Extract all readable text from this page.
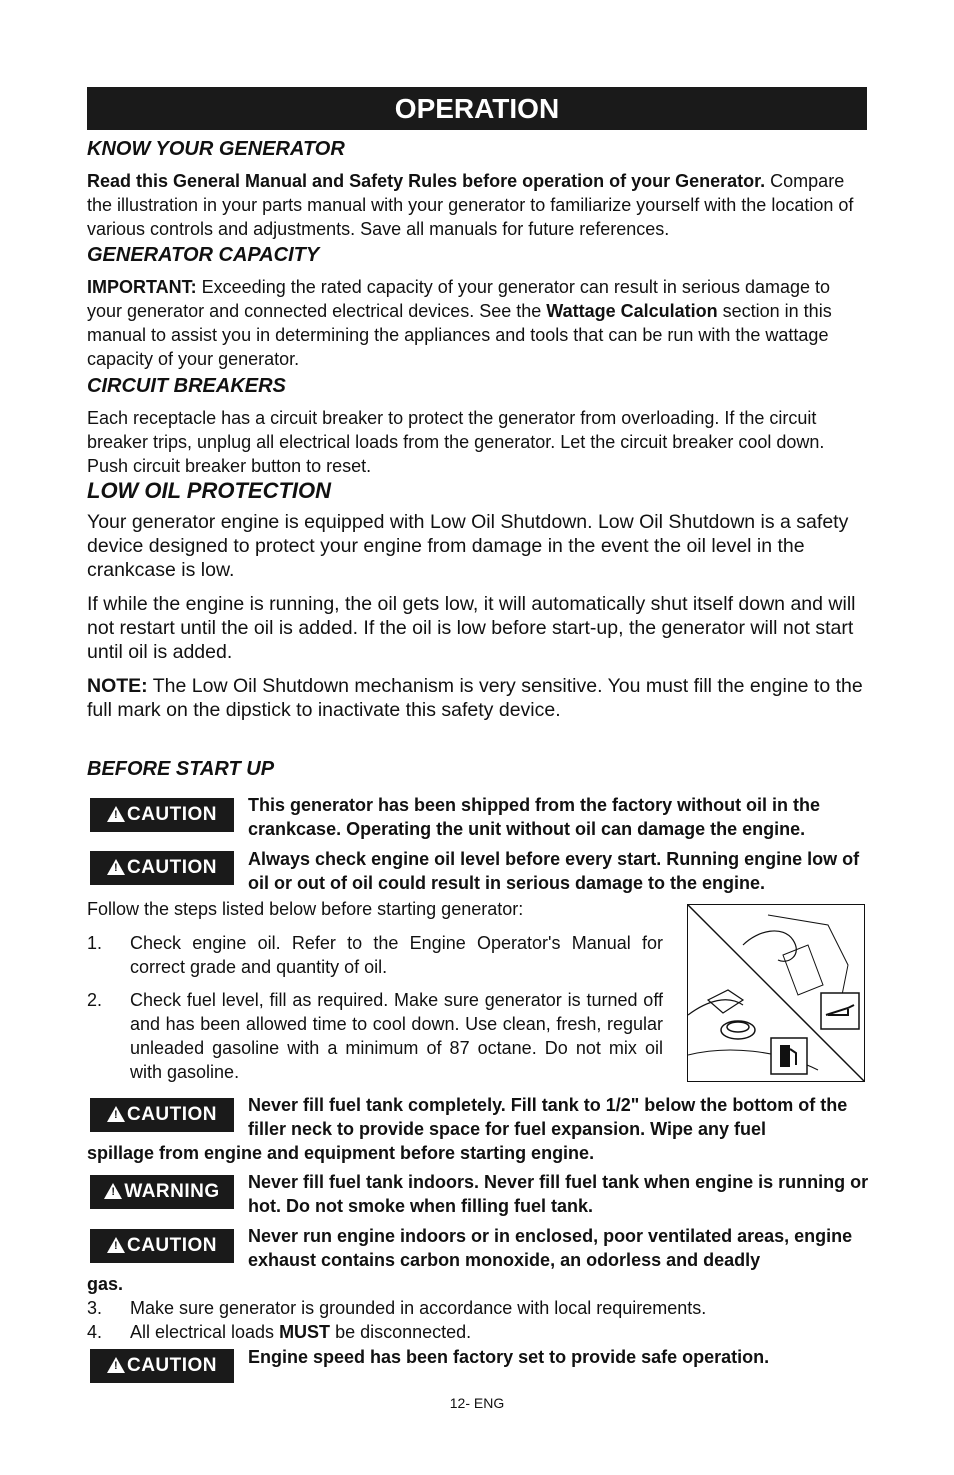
OPERATION
KNOW YOUR GENERATOR
Read this General Manual and Safety Rules before operation of your Generator. Compare the illustration in your parts manual with your generator to familiarize yourself with the location of various controls and adjustments. Save all manuals for future references.
GENERATOR CAPACITY
IMPORTANT: Exceeding the rated capacity of your generator can result in serious damage to your generator and connected electrical devices. See the Wattage Calculation section in this manual to assist you in determining the appliances and tools that can be run with the wattage capacity of your generator.
CIRCUIT BREAKERS
Each receptacle has a circuit breaker to protect the generator from overloading. If the circuit breaker trips, unplug all electrical loads from the generator. Let the circuit breaker cool down. Push circuit breaker button to reset.
LOW OIL PROTECTION
Your generator engine is equipped with Low Oil Shutdown. Low Oil Shutdown is a safety device designed to protect your engine from damage in the event the oil level in the crankcase is low.
If while the engine is running, the oil gets low, it will automatically shut itself down and will not restart until the oil is added. If the oil is low before start-up, the generator will not start until oil is added.
NOTE: The Low Oil Shutdown mechanism is very sensitive. You must fill the engine to the full mark on the dipstick to inactivate this safety device.
BEFORE START UP
!CAUTION	This generator has been shipped from the factory without oil in the crankcase. Operating the unit without oil can damage the engine.
!CAUTION	Always check engine oil level before every start. Running engine low of oil or out of oil could result in serious damage to the engine.
Follow the steps listed below before starting generator:
1.	Check engine oil. Refer to the Engine Operator's Manual for correct grade and quantity of oil.
2.	Check fuel level, fill as required. Make sure generator is turned off and has been allowed time to cool down. Use clean, fresh, regular unleaded gasoline with a minimum of 87 octane. Do not mix oil with gasoline.
!CAUTION	Never fill fuel tank completely. Fill tank to 1/2" below the bottom of the filler neck to provide space for fuel expansion. Wipe any fuel
spillage from engine and equipment before starting engine.
!WARNING	Never fill fuel tank indoors. Never fill fuel tank when engine is running or hot. Do not smoke when filling fuel tank.
!CAUTION	Never run engine indoors or in enclosed, poor ventilated areas, engine exhaust contains carbon monoxide, an odorless and deadly
gas.
3.	Make sure generator is grounded in accordance with local requirements.
4.	All electrical loads MUST be disconnected.
!CAUTION	Engine speed has been factory set to provide safe operation.
12- ENG
